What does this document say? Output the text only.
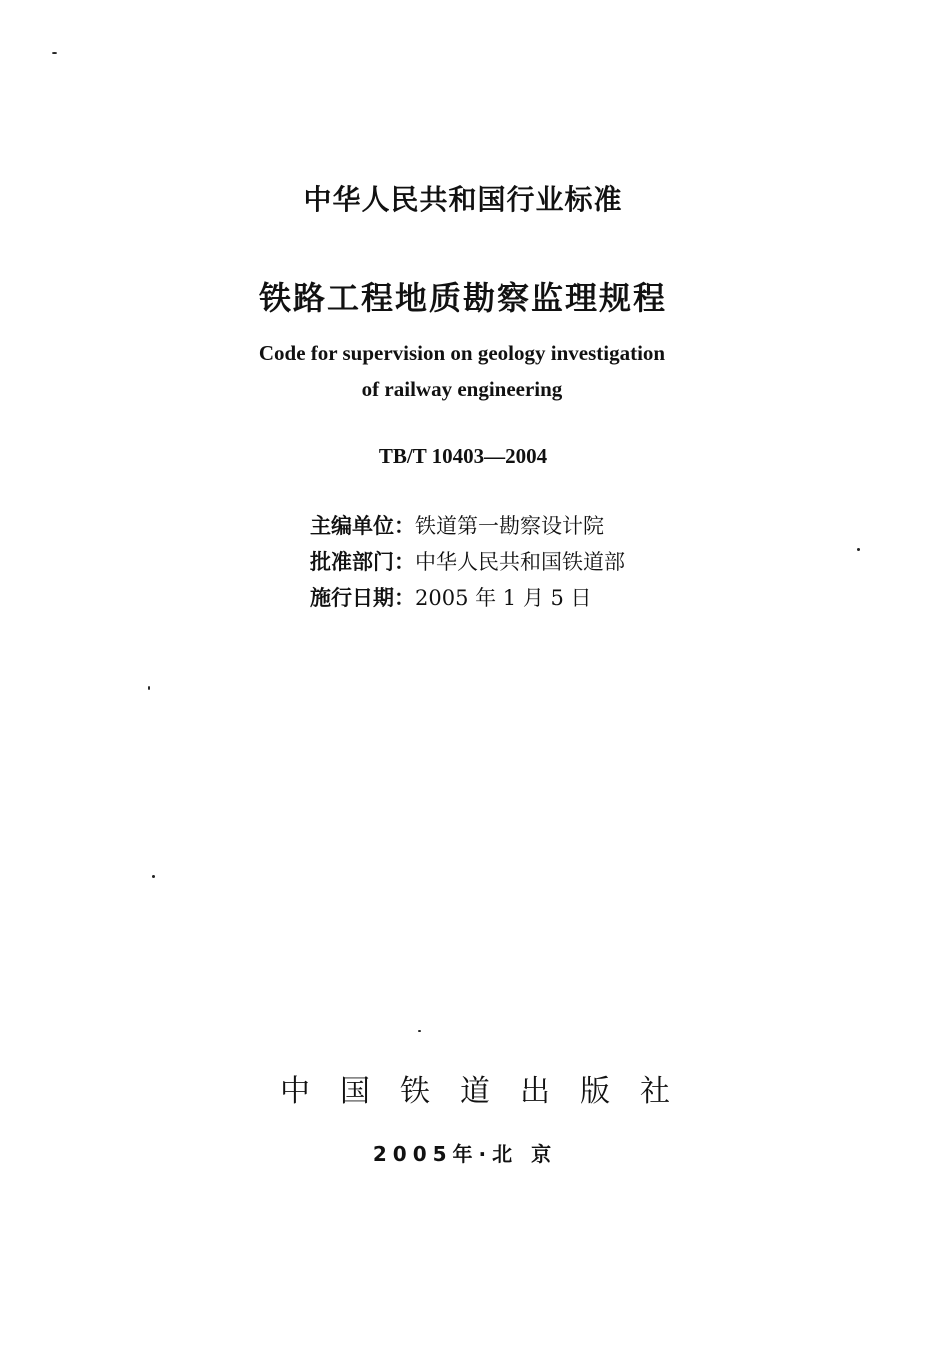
中华人民共和国行业标准
铁路工程地质勘察监理规程
Code for supervision on geology investigation
of railway engineering
TB/T 10403—2004
主编单位：铁道第一勘察设计院
批准部门：中华人民共和国铁道部
施行日期：2005 年 1 月 5 日
中国铁道出版社
2005年·北 京
